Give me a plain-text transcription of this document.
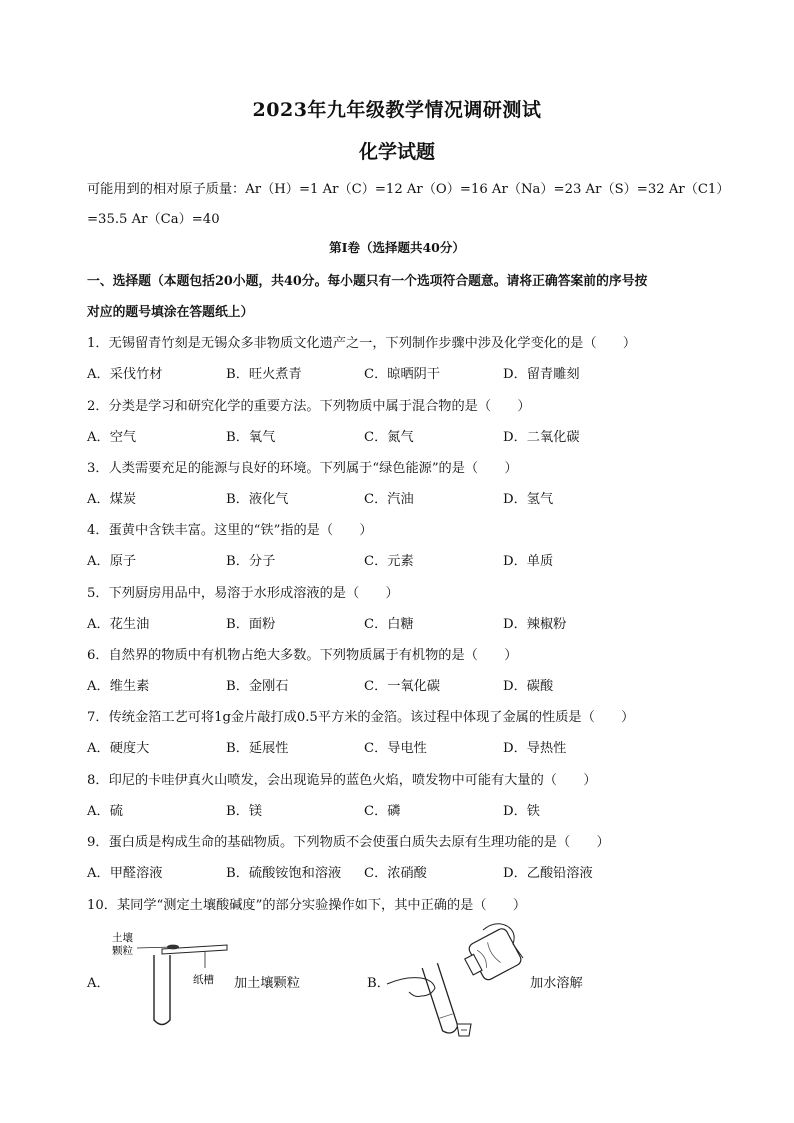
2023年九年级教学情况调研测试
化学试题
可能用到的相对原子质量：Ar（H）=1 Ar（C）=12 Ar（O）=16 Ar（Na）=23 Ar（S）=32 Ar（C1）
=35.5 Ar（Ca）=40
第I卷（选择题共40分）
一、选择题（本题包括20小题，共40分。每小题只有一个选项符合题意。请将正确答案前的序号按
对应的题号填涂在答题纸上）
1．无锡留青竹刻是无锡众多非物质文化遗产之一，下列制作步骤中涉及化学变化的是（　　）
A．采伐竹材	B．旺火煮青	C．晾晒阴干	D．留青雕刻
2．分类是学习和研究化学的重要方法。下列物质中属于混合物的是（　　）
A．空气	B．氧气	C．氮气	D．二氧化碳
3．人类需要充足的能源与良好的环境。下列属于“绿色能源”的是（　　）
A．煤炭	B．液化气	C．汽油	D．氢气
4．蛋黄中含铁丰富。这里的“铁”指的是（　　）
A．原子	B．分子	C．元素	D．单质
5．下列厨房用品中，易溶于水形成溶液的是（　　）
A．花生油	B．面粉	C．白糖	D．辣椒粉
6．自然界的物质中有机物占绝大多数。下列物质属于有机物的是（　　）
A．维生素	B．金刚石	C．一氧化碳	D．碳酸
7．传统金箔工艺可将1g金片敲打成0.5平方米的金箔。该过程中体现了金属的性质是（　　）
A．硬度大	B．延展性	C．导电性	D．导热性
8．印尼的卡哇伊真火山喷发，会出现诡异的蓝色火焰，喷发物中可能有大量的（　　）
A．硫	B．镁	C．磷	D．铁
9．蛋白质是构成生命的基础物质。下列物质不会使蛋白质失去原有生理功能的是（　　）
A．甲醛溶液	B．硫酸铵饱和溶液 C．浓硝酸	D．乙酸铅溶液
10．某同学“测定土壤酸碱度”的部分实验操作如下，其中正确的是（　　）
A．
土壤
颗粒
纸槽 加土壤颗粒	B．	加水溶解
